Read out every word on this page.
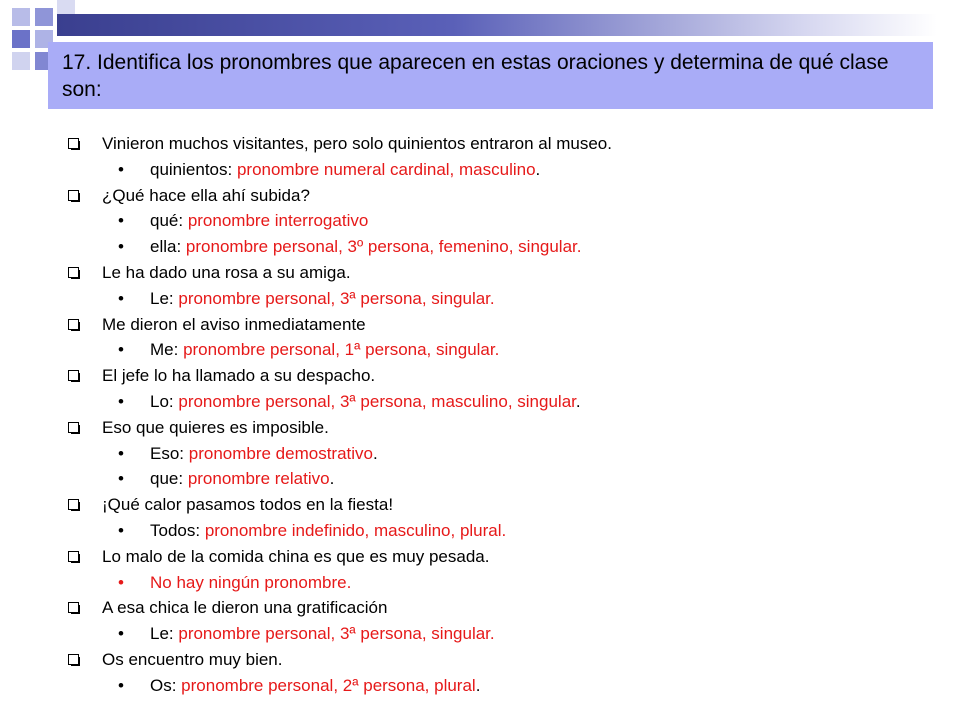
17. Identifica los pronombres que aparecen en estas oraciones y determina de qué clase son:

Vinieron muchos visitantes, pero solo quinientos entraron al museo.
• quinientos: pronombre numeral cardinal, masculino.
¿Qué hace ella ahí subida?
• qué: pronombre interrogativo
• ella: pronombre personal, 3º persona, femenino, singular.
Le ha dado una rosa a su amiga.
• Le: pronombre personal, 3ª persona, singular.
Me dieron el aviso inmediatamente
• Me: pronombre personal, 1ª persona, singular.
El jefe lo ha llamado a su despacho.
• Lo: pronombre personal, 3ª persona, masculino, singular.
Eso que quieres es imposible.
• Eso: pronombre demostrativo.
• que: pronombre relativo.
¡Qué calor pasamos todos en la fiesta!
• Todos: pronombre indefinido, masculino, plural.
Lo malo de la comida china es que es muy pesada.
• No hay ningún pronombre.
A esa chica le dieron una gratificación
• Le: pronombre personal, 3ª persona, singular.
Os encuentro muy bien.
• Os: pronombre personal, 2ª persona, plural.
